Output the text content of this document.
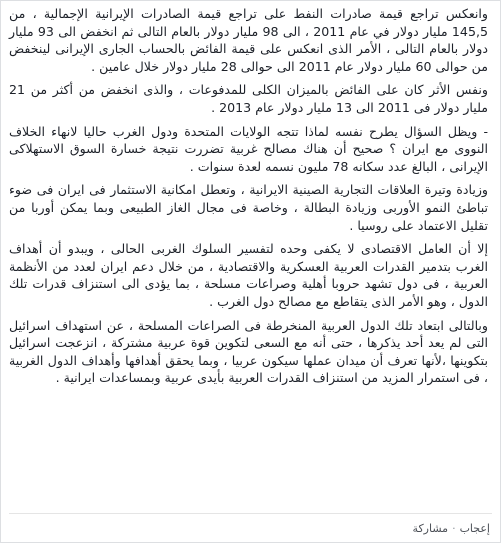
وانعكس تراجع قيمة صادرات النفط على تراجع قيمة الصادرات الإيرانية الإجمالية ، من 145,5 مليار دولار في عام 2011 ، الى 98 مليار دولار بالعام التالى ثم انخفض الى 93 مليار دولار بالعام التالى ، الأمر الذى انعكس على قيمة الفائض بالحساب الجارى الإيرانى لينخفض من حوالى 60 مليار دولار عام 2011 الى حوالى 28 مليار دولار خلال عامين .

ونفس الأثر كان على الفائض بالميزان الكلى للمدفوعات ، والذى انخفض من أكثر من 21 مليار دولار فى 2011 الى 13 مليار دولار عام 2013 .

- ويظل السؤال يطرح نفسه لماذا تتجه الولايات المتحدة ودول الغرب حاليا لانهاء الخلاف النووى مع ايران ؟ صحيح أن هناك مصالح غربية تضررت نتيجة خسارة السوق الاستهلاكى الإيرانى ، البالغ عدد سكانه 78 مليون نسمه لعدة سنوات .

وزيادة وتيرة العلاقات التجارية الصينية الايرانية ، وتعطل امكانية الاستثمار فى ايران فى ضوء تباطئ النمو الأوربى وزيادة البطالة ، وخاصة فى مجال الغاز الطبيعى وبما يمكن أوربا من تقليل الاعتماد على روسيا .

إلا أن العامل الاقتصادى لا يكفى وحده لتفسير السلوك الغربى الحالى ، ويبدو أن أهداف الغرب بتدمير القدرات العربية العسكرية والاقتصادية ، من خلال دعم ايران لعدد من الأنظمة العربية ، فى دول تشهد حروبا أهلية وصراعات مسلحة ، بما يؤدى الى استنزاف قدرات تلك الدول ، وهو الأمر الذى يتقاطع مع مصالح دول الغرب .

وبالتالى ابتعاد تلك الدول العربية المنخرطة فى الصراعات المسلحة ، عن استهداف اسرائيل التى لم يعد أحد يذكرها ، حتى أنه مع السعى لتكوين قوة عربية مشتركة ، انزعجت اسرائيل بتكوينها ،لأنها تعرف أن ميدان عملها سيكون عربيا ، وبما يحقق أهدافها وأهداف الدول الغربية ، فى استمرار المزيد من استنزاف القدرات العربية بأيدى عربية وبمساعدات ايرانية .

إعجاب
·
مشاركة
